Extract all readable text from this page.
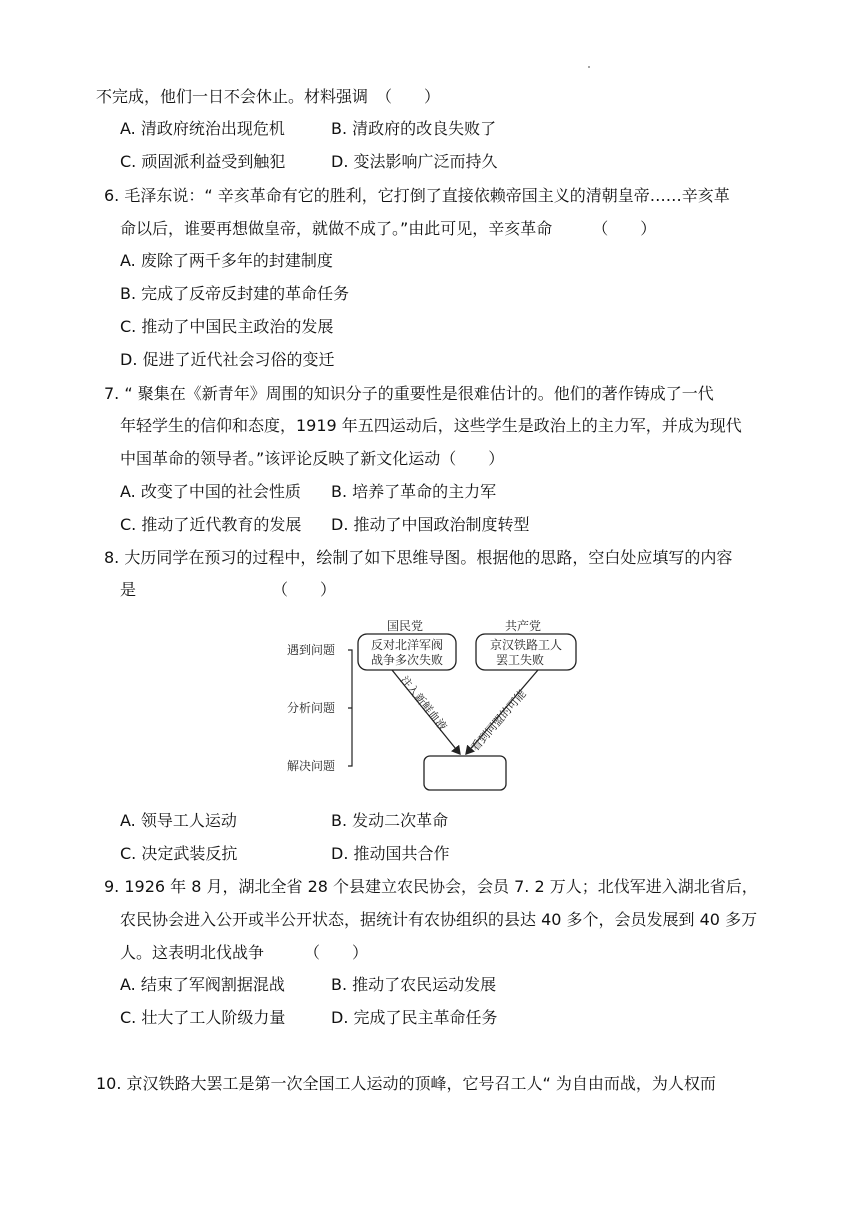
不完成，他们一日不会休止。材料强调　（　　）
A. 清政府统治出现危机	B. 清政府的改良失败了
C. 顽固派利益受到触犯	D. 变法影响广泛而持久
6. 毛泽东说：“ 辛亥革命有它的胜利，它打倒了直接依赖帝国主义的清朝皇帝……辛亥革
命以后，谁要再想做皇帝，就做不成了。”由此可见，辛亥革命　　　（　　）
A. 废除了两千多年的封建制度
B. 完成了反帝反封建的革命任务
C. 推动了中国民主政治的发展
D. 促进了近代社会习俗的变迁
7. “ 聚集在《新青年》周围的知识分子的重要性是很难估计的。他们的著作铸成了一代
年轻学生的信仰和态度，1919 年五四运动后，这些学生是政治上的主力军，并成为现代
中国革命的领导者。”该评论反映了新文化运动（　　）
A. 改变了中国的社会性质 B. 培养了革命的主力军
C. 推动了近代教育的发展 D. 推动了中国政治制度转型
8. 大历同学在预习的过程中，绘制了如下思维导图。根据他的思路，空白处应填写的内容
是　　　　　　　　　（　　）
遇到问题
分析问题
解决问题
国民党
反对北洋军阀
战争多次失败
共产党
京汉铁路工人
罢工失败
注入新鲜血液 看到同盟的可能
A. 领导工人运动	B. 发动二次革命
C. 决定武装反抗	D. 推动国共合作
9. 1926 年 8 月，湖北全省 28 个县建立农民协会，会员 7. 2 万人；北伐军进入湖北省后，
农民协会进入公开或半公开状态，据统计有农协组织的县达 40 多个，会员发展到 40 多万
人。这表明北伐战争　　　（　　）
A. 结束了军阀割据混战	B. 推动了农民运动发展
C. 壮大了工人阶级力量	D. 完成了民主革命任务
10. 京汉铁路大罢工是第一次全国工人运动的顶峰，它号召工人“ 为自由而战，为人权而
